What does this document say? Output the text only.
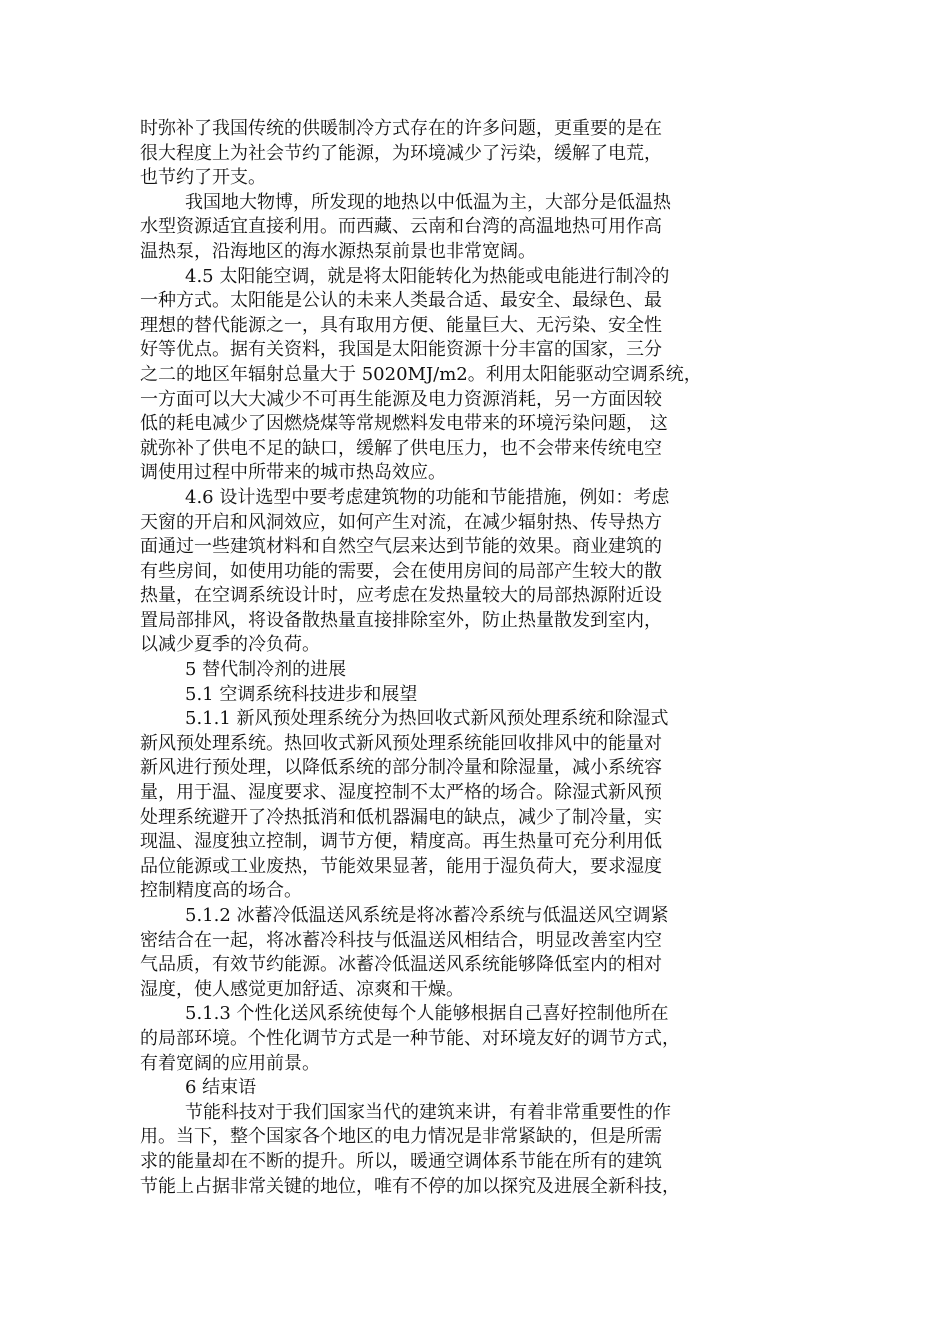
时弥补了我国传统的供暖制冷方式存在的许多问题，更重要的是在
很大程度上为社会节约了能源，为环境减少了污染，缓解了电荒，
也节约了开支。
我国地大物博，所发现的地热以中低温为主，大部分是低温热
水型资源适宜直接利用。而西藏、云南和台湾的高温地热可用作高
温热泵，沿海地区的海水源热泵前景也非常宽阔。
4.5 太阳能空调，就是将太阳能转化为热能或电能进行制冷的
一种方式。太阳能是公认的未来人类最合适、最安全、最绿色、最
理想的替代能源之一，具有取用方便、能量巨大、无污染、安全性
好等优点。据有关资料，我国是太阳能资源十分丰富的国家，三分
之二的地区年辐射总量大于 5020MJ/m2。利用太阳能驱动空调系统，
一方面可以大大减少不可再生能源及电力资源消耗，另一方面因较
低的耗电减少了因燃烧煤等常规燃料发电带来的环境污染问题， 这
就弥补了供电不足的缺口，缓解了供电压力，也不会带来传统电空
调使用过程中所带来的城市热岛效应。
4.6 设计选型中要考虑建筑物的功能和节能措施，例如：考虑
天窗的开启和风洞效应，如何产生对流，在减少辐射热、传导热方
面通过一些建筑材料和自然空气层来达到节能的效果。商业建筑的
有些房间，如使用功能的需要，会在使用房间的局部产生较大的散
热量，在空调系统设计时，应考虑在发热量较大的局部热源附近设
置局部排风，将设备散热量直接排除室外，防止热量散发到室内，
以减少夏季的冷负荷。
5 替代制冷剂的进展
5.1 空调系统科技进步和展望
5.1.1 新风预处理系统分为热回收式新风预处理系统和除湿式
新风预处理系统。热回收式新风预处理系统能回收排风中的能量对
新风进行预处理，以降低系统的部分制冷量和除湿量，减小系统容
量，用于温、湿度要求、湿度控制不太严格的场合。除湿式新风预
处理系统避开了冷热抵消和低机器漏电的缺点，减少了制冷量，实
现温、湿度独立控制，调节方便，精度高。再生热量可充分利用低
品位能源或工业废热，节能效果显著，能用于湿负荷大，要求湿度
控制精度高的场合。
5.1.2 冰蓄冷低温送风系统是将冰蓄冷系统与低温送风空调紧
密结合在一起，将冰蓄冷科技与低温送风相结合，明显改善室内空
气品质，有效节约能源。冰蓄冷低温送风系统能够降低室内的相对
湿度，使人感觉更加舒适、凉爽和干燥。
5.1.3 个性化送风系统使每个人能够根据自己喜好控制他所在
的局部环境。个性化调节方式是一种节能、对环境友好的调节方式，
有着宽阔的应用前景。
6 结束语
节能科技对于我们国家当代的建筑来讲，有着非常重要性的作
用。当下，整个国家各个地区的电力情况是非常紧缺的，但是所需
求的能量却在不断的提升。所以，暖通空调体系节能在所有的建筑
节能上占据非常关键的地位，唯有不停的加以探究及进展全新科技，
